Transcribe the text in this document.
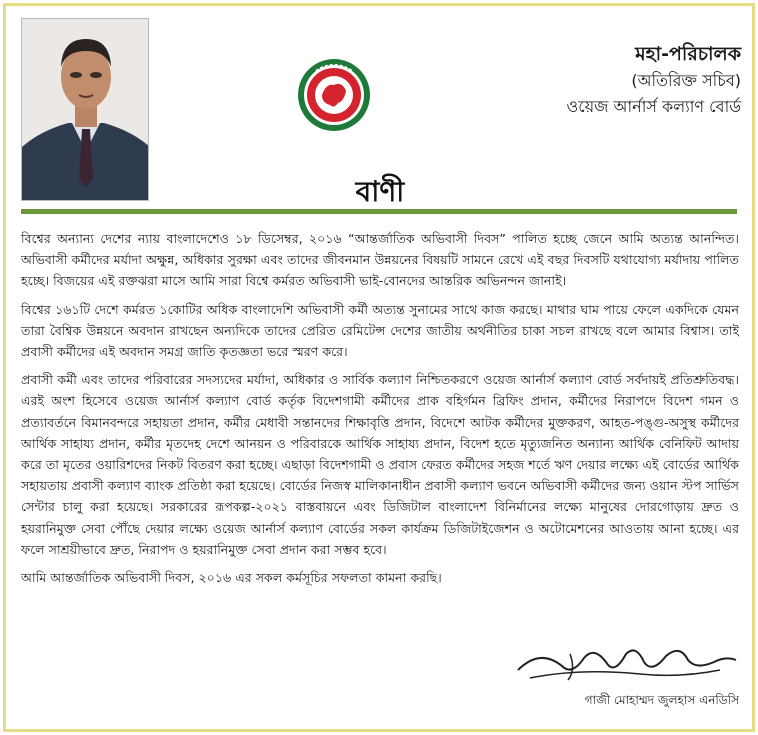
মহা-পরিচালক
(অতিরিক্ত সচিব)
ওয়েজ আর্নার্স কল্যাণ বোর্ড
বাণী

বিশ্বের অন্যান্য দেশের ন্যায় বাংলাদেশেও ১৮ ডিসেম্বর, ২০১৬ “আন্তর্জাতিক অভিবাসী দিবস” পালিত হচ্ছে জেনে আমি অত্যন্ত আনন্দিত। অভিবাসী কর্মীদের মর্যাদা অক্ষুন্ন, অধিকার সুরক্ষা এবং তাদের জীবনমান উন্নয়নের বিষয়টি সামনে রেখে এই বছর দিবসটি যথাযোগ্য মর্যাদায় পালিত হচ্ছে। বিজয়ের এই রক্তঝরা মাসে আমি সারা বিশ্বে কর্মরত অভিবাসী ভাই-বোনদের আন্তরিক অভিনন্দন জানাই।

বিশ্বের ১৬১টি দেশে কর্মরত ১কোটির অধিক বাংলাদেশি অভিবাসী কর্মী অত্যন্ত সুনামের সাথে কাজ করছে। মাথার ঘাম পায়ে ফেলে একদিকে যেমন তারা বৈশ্বিক উন্নয়নে অবদান রাখছেন অন্যদিকে তাদের প্রেরিত রেমিটেন্স দেশের জাতীয় অর্থনীতির চাকা সচল রাখছে বলে আমার বিশ্বাস। তাই প্রবাসী কর্মীদের এই অবদান সমগ্র জাতি কৃতজ্ঞতা ভরে স্মরণ করে।

প্রবাসী কর্মী এবং তাদের পরিবারের সদস্যদের মর্যাদা, অধিকার ও সার্বিক কল্যাণ নিশ্চিতকরণে ওয়েজ আর্নার্স কল্যাণ বোর্ড সর্বদায়ই প্রতিশ্রুতিবদ্ধ। এরই অংশ হিসেবে ওয়েজ আর্নার্স কল্যাণ বোর্ড কর্তৃক বিদেশগামী কর্মীদের প্রাক বহির্গমন ব্রিফিং প্রদান, কর্মীদের নিরাপদে বিদেশ গমন ও প্রত্যাবর্তনে বিমানবন্দরে সহায়তা প্রদান, কর্মীর মেধাবী সন্তানদের শিক্ষাবৃত্তি প্রদান, বিদেশে আটক কর্মীদের মুক্তকরণ, আহত-পঙ্গু-অসুস্থ কর্মীদের আর্থিক সাহায্য প্রদান, কর্মীর মৃতদেহ দেশে আনয়ন ও পরিবারকে আর্থিক সাহায্য প্রদান, বিদেশ হতে মৃত্যুজনিত অন্যান্য আর্থিক বেনিফিট আদায় করে তা মৃতের ওয়ারিশদের নিকট বিতরণ করা হচ্ছে। এছাড়া বিদেশগামী ও প্রবাস ফেরত কর্মীদের সহজ শর্তে ঋণ দেয়ার লক্ষ্যে এই বোর্ডের আর্থিক সহায়তায় প্রবাসী কল্যাণ ব্যাংক প্রতিষ্ঠা করা হয়েছে। বোর্ডের নিজস্ব মালিকানাধীন প্রবাসী কল্যাণ ভবনে অভিবাসী কর্মীদের জন্য ওয়ান স্টপ সার্ভিস সেন্টার চালু করা হয়েছে। সরকারের রূপকল্প-২০২১ বাস্তবায়নে এবং ডিজিটাল বাংলাদেশ বিনির্মানের লক্ষ্যে মানুষের দোরগোড়ায় দ্রুত ও হয়রানিমুক্ত সেবা পৌঁছে দেয়ার লক্ষ্যে ওয়েজ আর্নার্স কল্যাণ বোর্ডের সকল কার্যক্রম ডিজিটাইজেশন ও অটোমেশনের আওতায় আনা হচ্ছে। এর ফলে সাশ্রয়ীভাবে দ্রুত, নিরাপদ ও হয়রানিমুক্ত সেবা প্রদান করা সম্ভব হবে।

আমি আন্তর্জাতিক অভিবাসী দিবস, ২০১৬ এর সকল কর্মসূচির সফলতা কামনা করছি।

গাজী মোহাম্মদ জুলহাস এনডিসি
